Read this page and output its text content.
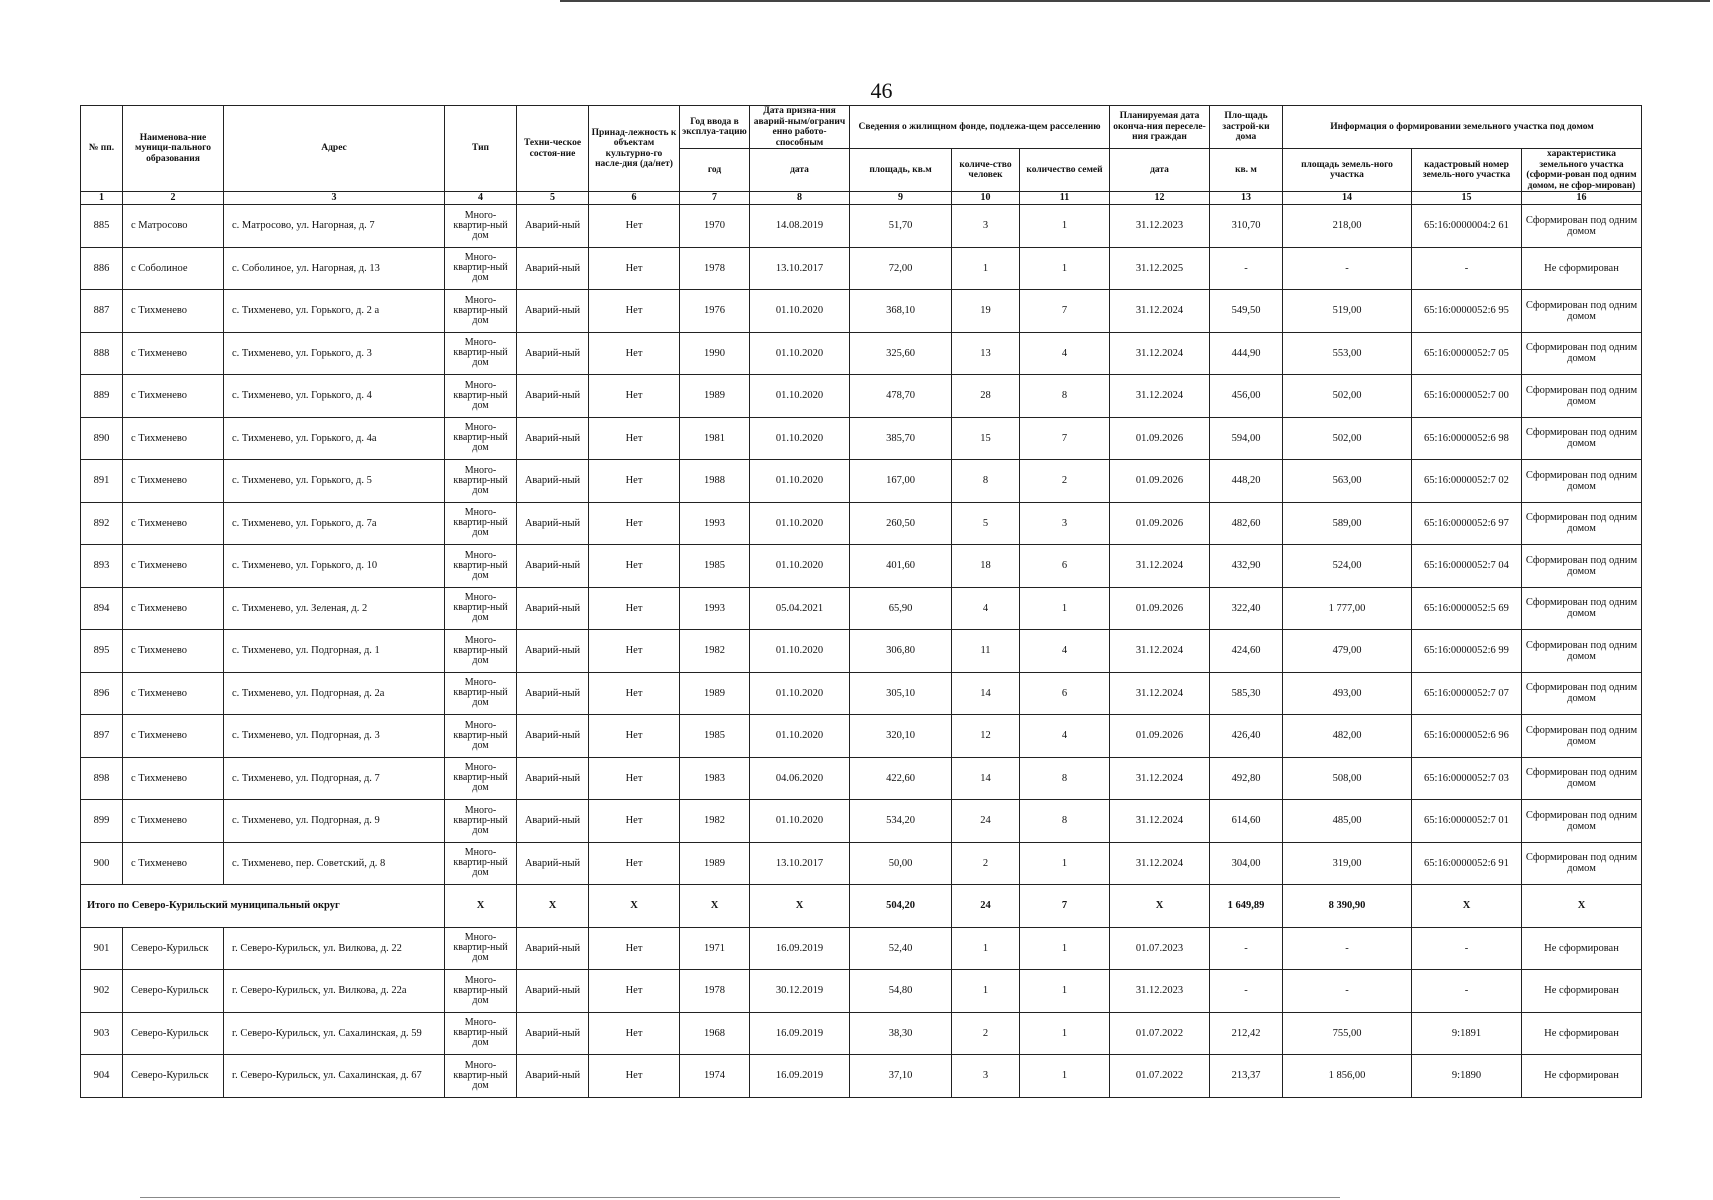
46
№ пп.	Наименова-ние муници-пального образования	Адрес	Тип	Техни-ческое состоя-ние	Принад-лежность к объектам культурно-го насле-дия (да/нет)	Год ввода в эксплуа-тацию	Дата призна-ния аварий-ным/огранич енно работо-способным	Сведения о жилищном фонде, подлежа-щем расселению			Планируемая дата оконча-ния переселе-ния граждан	Пло-щадь застрой-ки дома	Информация о формировании земельного участка под домом		
						год	дата	площадь, кв.м	количе-ство человек	количество семей	дата	кв. м	площадь земель-ного участка	кадастровый номер земель-ного участка	характеристика земельного участка (сформи-рован под одним домом, не сфор-мирован)
1	2	3	4	5	6	7	8	9	10	11	12	13	14	15	16
885	с Матросово	с. Матросово, ул. Нагорная, д. 7	Много-квартир-ный дом	Аварий-ный	Нет	1970	14.08.2019	51,70	3	1	31.12.2023	310,70	218,00	65:16:0000004:2 61	Сформирован под одним домом
886	с Соболиное	с. Соболиное, ул. Нагорная, д. 13	Много-квартир-ный дом	Аварий-ный	Нет	1978	13.10.2017	72,00	1	1	31.12.2025	-	-	-	Не сформирован
887	с Тихменево	с. Тихменево, ул. Горького, д. 2 а	Много-квартир-ный дом	Аварий-ный	Нет	1976	01.10.2020	368,10	19	7	31.12.2024	549,50	519,00	65:16:0000052:6 95	Сформирован под одним домом
888	с Тихменево	с. Тихменево, ул. Горького, д. 3	Много-квартир-ный дом	Аварий-ный	Нет	1990	01.10.2020	325,60	13	4	31.12.2024	444,90	553,00	65:16:0000052:7 05	Сформирован под одним домом
889	с Тихменево	с. Тихменево, ул. Горького, д. 4	Много-квартир-ный дом	Аварий-ный	Нет	1989	01.10.2020	478,70	28	8	31.12.2024	456,00	502,00	65:16:0000052:7 00	Сформирован под одним домом
890	с Тихменево	с. Тихменево, ул. Горького, д. 4а	Много-квартир-ный дом	Аварий-ный	Нет	1981	01.10.2020	385,70	15	7	01.09.2026	594,00	502,00	65:16:0000052:6 98	Сформирован под одним домом
891	с Тихменево	с. Тихменево, ул. Горького, д. 5	Много-квартир-ный дом	Аварий-ный	Нет	1988	01.10.2020	167,00	8	2	01.09.2026	448,20	563,00	65:16:0000052:7 02	Сформирован под одним домом
892	с Тихменево	с. Тихменево, ул. Горького, д. 7а	Много-квартир-ный дом	Аварий-ный	Нет	1993	01.10.2020	260,50	5	3	01.09.2026	482,60	589,00	65:16:0000052:6 97	Сформирован под одним домом
893	с Тихменево	с. Тихменево, ул. Горького, д. 10	Много-квартир-ный дом	Аварий-ный	Нет	1985	01.10.2020	401,60	18	6	31.12.2024	432,90	524,00	65:16:0000052:7 04	Сформирован под одним домом
894	с Тихменево	с. Тихменево, ул. Зеленая, д. 2	Много-квартир-ный дом	Аварий-ный	Нет	1993	05.04.2021	65,90	4	1	01.09.2026	322,40	1 777,00	65:16:0000052:5 69	Сформирован под одним домом
895	с Тихменево	с. Тихменево, ул. Подгорная, д. 1	Много-квартир-ный дом	Аварий-ный	Нет	1982	01.10.2020	306,80	11	4	31.12.2024	424,60	479,00	65:16:0000052:6 99	Сформирован под одним домом
896	с Тихменево	с. Тихменево, ул. Подгорная, д. 2а	Много-квартир-ный дом	Аварий-ный	Нет	1989	01.10.2020	305,10	14	6	31.12.2024	585,30	493,00	65:16:0000052:7 07	Сформирован под одним домом
897	с Тихменево	с. Тихменево, ул. Подгорная, д. 3	Много-квартир-ный дом	Аварий-ный	Нет	1985	01.10.2020	320,10	12	4	01.09.2026	426,40	482,00	65:16:0000052:6 96	Сформирован под одним домом
898	с Тихменево	с. Тихменево, ул. Подгорная, д. 7	Много-квартир-ный дом	Аварий-ный	Нет	1983	04.06.2020	422,60	14	8	31.12.2024	492,80	508,00	65:16:0000052:7 03	Сформирован под одним домом
899	с Тихменево	с. Тихменево, ул. Подгорная, д. 9	Много-квартир-ный дом	Аварий-ный	Нет	1982	01.10.2020	534,20	24	8	31.12.2024	614,60	485,00	65:16:0000052:7 01	Сформирован под одним домом
900	с Тихменево	с. Тихменево, пер. Советский, д. 8	Много-квартир-ный дом	Аварий-ный	Нет	1989	13.10.2017	50,00	2	1	31.12.2024	304,00	319,00	65:16:0000052:6 91	Сформирован под одним домом
Итого по Северо-Курильский муниципальный округ			X	X	X	X	X	504,20	24	7	X	1 649,89	8 390,90	X	X
901	Северо-Курильск	г. Северо-Курильск, ул. Вилкова, д. 22	Много-квартир-ный дом	Аварий-ный	Нет	1971	16.09.2019	52,40	1	1	01.07.2023	-	-	-	Не сформирован
902	Северо-Курильск	г. Северо-Курильск, ул. Вилкова, д. 22а	Много-квартир-ный дом	Аварий-ный	Нет	1978	30.12.2019	54,80	1	1	31.12.2023	-	-	-	Не сформирован
903	Северо-Курильск	г. Северо-Курильск, ул. Сахалинская, д. 59	Много-квартир-ный дом	Аварий-ный	Нет	1968	16.09.2019	38,30	2	1	01.07.2022	212,42	755,00	9:1891	Не сформирован
904	Северо-Курильск	г. Северо-Курильск, ул. Сахалинская, д. 67	Много-квартир-ный дом	Аварий-ный	Нет	1974	16.09.2019	37,10	3	1	01.07.2022	213,37	1 856,00	9:1890	Не сформирован
